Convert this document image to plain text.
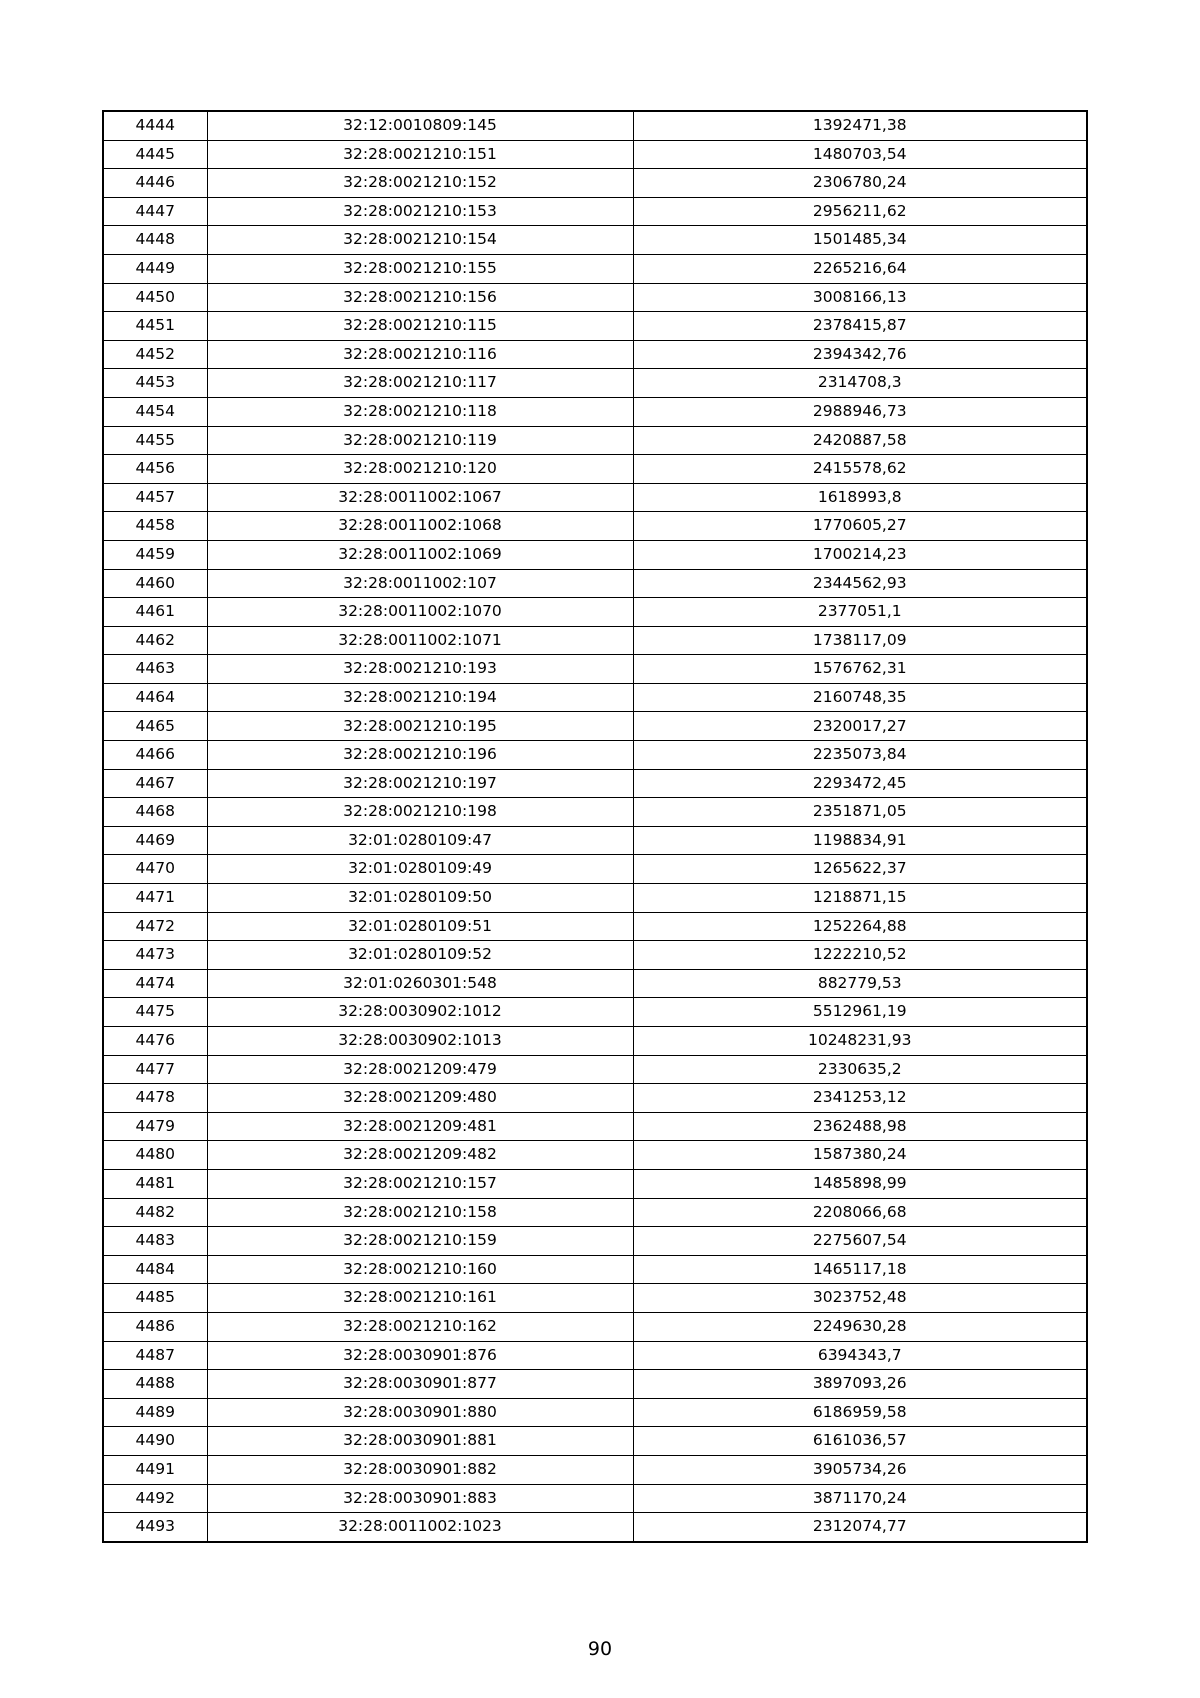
4444	32:12:0010809:145	1392471,38
4445	32:28:0021210:151	1480703,54
4446	32:28:0021210:152	2306780,24
4447	32:28:0021210:153	2956211,62
4448	32:28:0021210:154	1501485,34
4449	32:28:0021210:155	2265216,64
4450	32:28:0021210:156	3008166,13
4451	32:28:0021210:115	2378415,87
4452	32:28:0021210:116	2394342,76
4453	32:28:0021210:117	2314708,3
4454	32:28:0021210:118	2988946,73
4455	32:28:0021210:119	2420887,58
4456	32:28:0021210:120	2415578,62
4457	32:28:0011002:1067	1618993,8
4458	32:28:0011002:1068	1770605,27
4459	32:28:0011002:1069	1700214,23
4460	32:28:0011002:107	2344562,93
4461	32:28:0011002:1070	2377051,1
4462	32:28:0011002:1071	1738117,09
4463	32:28:0021210:193	1576762,31
4464	32:28:0021210:194	2160748,35
4465	32:28:0021210:195	2320017,27
4466	32:28:0021210:196	2235073,84
4467	32:28:0021210:197	2293472,45
4468	32:28:0021210:198	2351871,05
4469	32:01:0280109:47	1198834,91
4470	32:01:0280109:49	1265622,37
4471	32:01:0280109:50	1218871,15
4472	32:01:0280109:51	1252264,88
4473	32:01:0280109:52	1222210,52
4474	32:01:0260301:548	882779,53
4475	32:28:0030902:1012	5512961,19
4476	32:28:0030902:1013	10248231,93
4477	32:28:0021209:479	2330635,2
4478	32:28:0021209:480	2341253,12
4479	32:28:0021209:481	2362488,98
4480	32:28:0021209:482	1587380,24
4481	32:28:0021210:157	1485898,99
4482	32:28:0021210:158	2208066,68
4483	32:28:0021210:159	2275607,54
4484	32:28:0021210:160	1465117,18
4485	32:28:0021210:161	3023752,48
4486	32:28:0021210:162	2249630,28
4487	32:28:0030901:876	6394343,7
4488	32:28:0030901:877	3897093,26
4489	32:28:0030901:880	6186959,58
4490	32:28:0030901:881	6161036,57
4491	32:28:0030901:882	3905734,26
4492	32:28:0030901:883	3871170,24
4493	32:28:0011002:1023	2312074,77
90
